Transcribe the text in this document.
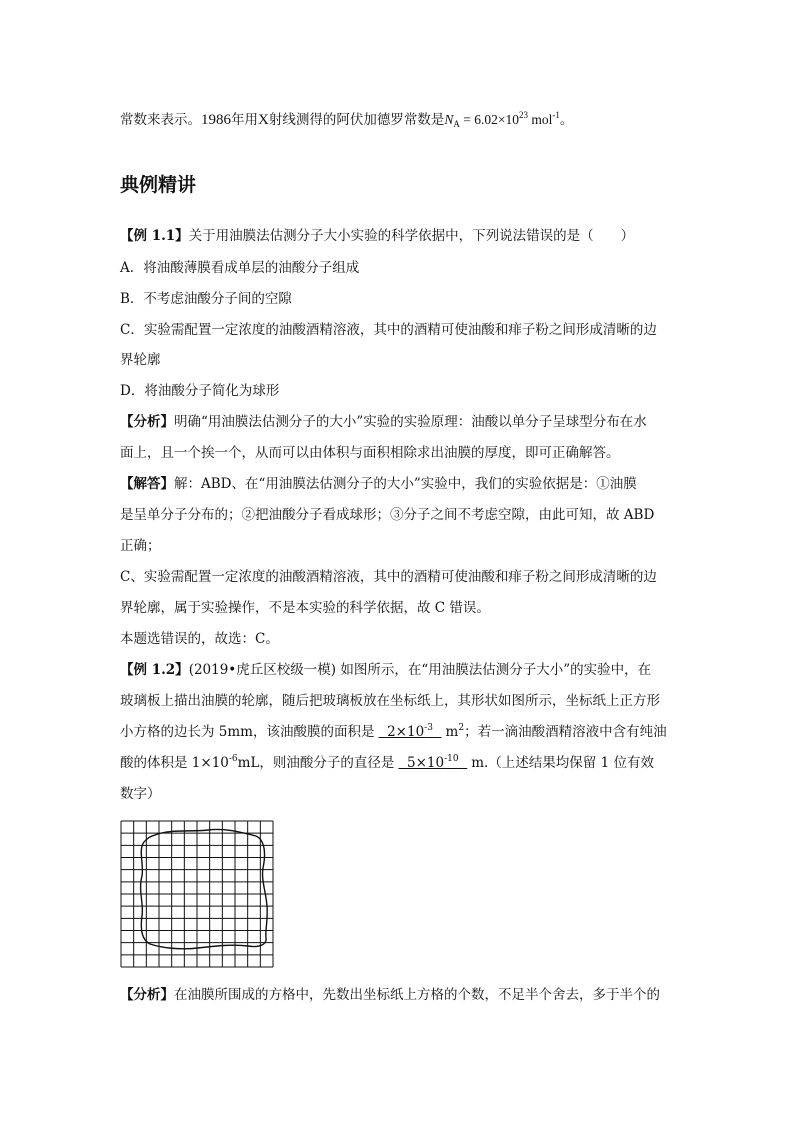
常数来表示。1986年用X射线测得的阿伏加德罗常数是$N_A = 6.02\times 10^{23}$ mol$^{-1}$。
典例精讲
【例 1.1】关于用油膜法估测分子大小实验的科学依据中，下列说法错误的是（　　）
A．将油酸薄膜看成单层的油酸分子组成
B．不考虑油酸分子间的空隙
C．实验需配置一定浓度的油酸酒精溶液，其中的酒精可使油酸和痱子粉之间形成清晰的边
界轮廓
D．将油酸分子简化为球形
【分析】明确“用油膜法估测分子的大小”实验的实验原理：油酸以单分子呈球型分布在水
面上，且一个挨一个，从而可以由体积与面积相除求出油膜的厚度，即可正确解答。
【解答】解：ABD、在“用油膜法估测分子的大小”实验中，我们的实验依据是：①油膜
是呈单分子分布的；②把油酸分子看成球形；③分子之间不考虑空隙，由此可知，故 ABD
正确；
C、实验需配置一定浓度的油酸酒精溶液，其中的酒精可使油酸和痱子粉之间形成清晰的边
界轮廓，属于实验操作，不是本实验的科学依据，故 C 错误。
本题选错误的，故选：C。
【例 1.2】(2019•虎丘区校级一模) 如图所示，在“用油膜法估测分子大小”的实验中，在
玻璃板上描出油膜的轮廓，随后把玻璃板放在坐标纸上，其形状如图所示，坐标纸上正方形
小方格的边长为 5mm，该油酸膜的面积是 $2\times 10^{-3}$ $m^2$；若一滴油酸酒精溶液中含有纯油
酸的体积是 $1\times 10^{-6}mL$，则油酸分子的直径是 $5\times 10^{-10}$ m.（上述结果均保留 1 位有效
数字）
【分析】在油膜所围成的方格中，先数出坐标纸上方格的个数，不足半个舍去，多于半个的
